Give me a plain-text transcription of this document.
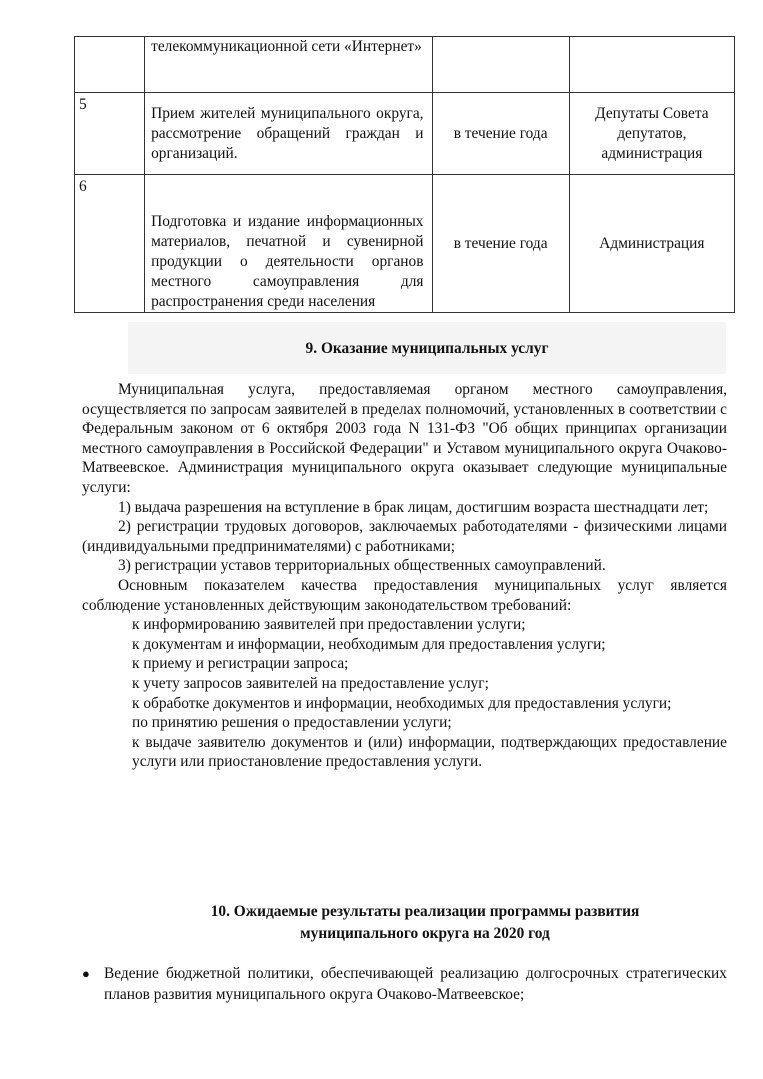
	телекоммуникационной сети «Интернет»		
5	Прием жителей муниципального округа, рассмотрение обращений граждан и организаций.	в течение года	Депутаты Совета депутатов, администрация
6	Подготовка и издание информационных материалов, печатной и сувенирной продукции о деятельности органов местного самоуправления для распространения среди населения	в течение года	Администрация
9. Оказание муниципальных услуг

Муниципальная услуга, предоставляемая органом местного самоуправления, осуществляется по запросам заявителей в пределах полномочий, установленных в соответствии с Федеральным законом от 6 октября 2003 года N 131-ФЗ "Об общих принципах организации местного самоуправления в Российской Федерации" и Уставом муниципального округа Очаково-Матвеевское. Администрация муниципального округа оказывает следующие муниципальные услуги:

1) выдача разрешения на вступление в брак лицам, достигшим возраста шестнадцати лет;

2) регистрации трудовых договоров, заключаемых работодателями - физическими лицами (индивидуальными предпринимателями) с работниками;

3) регистрации уставов территориальных общественных самоуправлений.

Основным показателем качества предоставления муниципальных услуг является соблюдение установленных действующим законодательством требований:

к информированию заявителей при предоставлении услуги;

к документам и информации, необходимым для предоставления услуги;

к приему и регистрации запроса;

к учету запросов заявителей на предоставление услуг;

к обработке документов и информации, необходимых для предоставления услуги;

по принятию решения о предоставлении услуги;

к выдаче заявителю документов и (или) информации, подтверждающих предоставление услуги или приостановление предоставления услуги.

10. Ожидаемые результаты реализации программы развития
муниципального округа на 2020 год
● Ведение бюджетной политики, обеспечивающей реализацию долгосрочных стратегических планов развития муниципального округа Очаково-Матвеевское;
